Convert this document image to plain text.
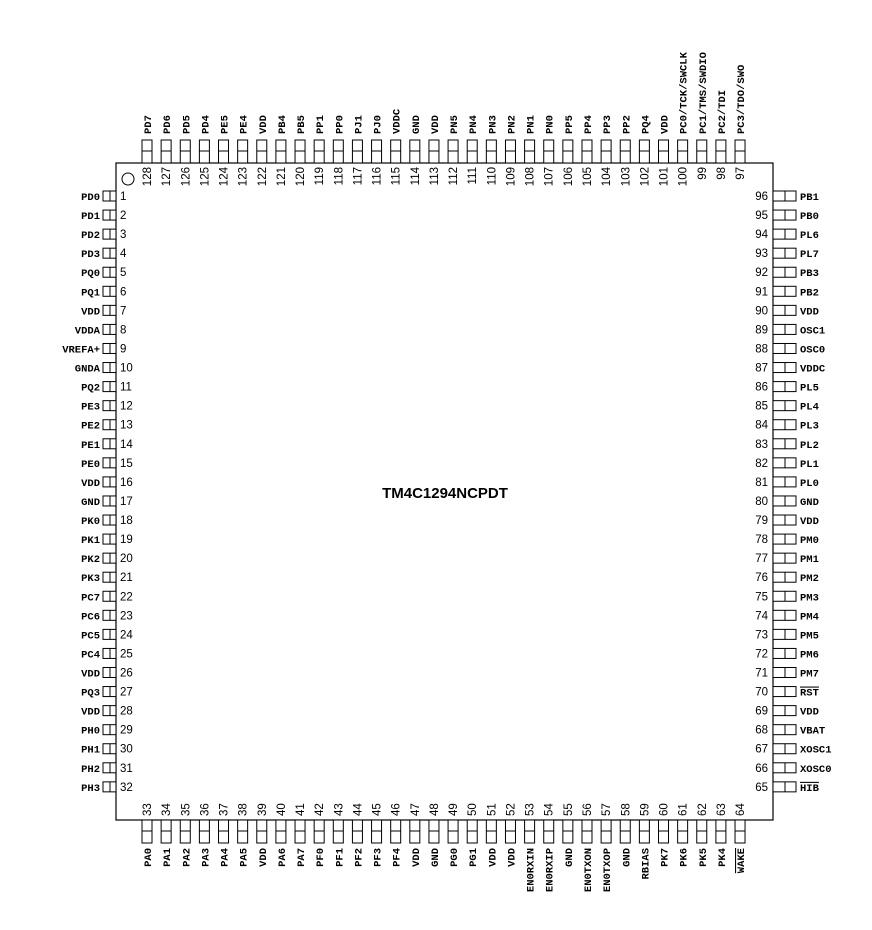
TM4C1294NCPDT
PD0 1
PD1 2
PD2 3
PD3 4
PQ0 5
PQ1 6
VDD 7
VDDA 8
VREFA+ 9
GNDA 10
PQ2 11
PE3 12
PE2 13
PE1 14
PE0 15
VDD 16
GND 17
PK0 18
PK1 19
PK2 20
PK3 21
PC7 22
PC6 23
PC5 24
PC4 25
VDD 26
PQ3 27
VDD 28
PH0 29
PH1 30
PH2 31
PH3 32
PB1
96
PB0
95
PL6
94
PL7
93
PB3
92
PB2
91
VDD
90
OSC1
89
OSC0
88
VDDC
87
PL5
86
PL4
85
PL3
84
PL2
83
PL1
82
PL0
81
GND
80
VDD
79
PM0
78
PM1
77
PM2
76
PM3
75
PM4
74
PM5
73
PM6
72
PM7
71
RST
70
VDD
69
VBAT
68
XOSC1
67
XOSC0
66
HIB
65
PD7
128
PD6
127
PD5
126
PD4
125
PE5
124
PE4
123
VDD
122
PB4
121
PB5
120
PP1
119
PP0
118
PJ1
117
PJ0
116
VDDC
115
GND
114
VDD
113
PN5
112
PN4
111
PN3
110
PN2
109
PN1
108
PN0
107
PP5
106
PP4
105
PP3
104
PP2
103
PQ4
102
VDD
101
PC0/TCK/SWCLK
100
PC1/TMS/SWDIO
99
PC2/TDI
98
PC3/TDO/SWO
97
PA0
33
PA1
34
PA2
35
PA3
36
PA4
37
PA5
38
VDD
39
PA6
40
PA7
41
PF0
42
PF1
43
PF2
44
PF3
45
PF4
46
VDD
47
GND
48
PG0
49
PG1
50
VDD
51
VDD
52
EN0RXIN
53
EN0RXIP
54
GND
55
EN0TXON
56
EN0TXOP
57
GND
58
RBIAS
59
PK7
60
PK6
61
PK5
62
PK4
63
WAKE
64
